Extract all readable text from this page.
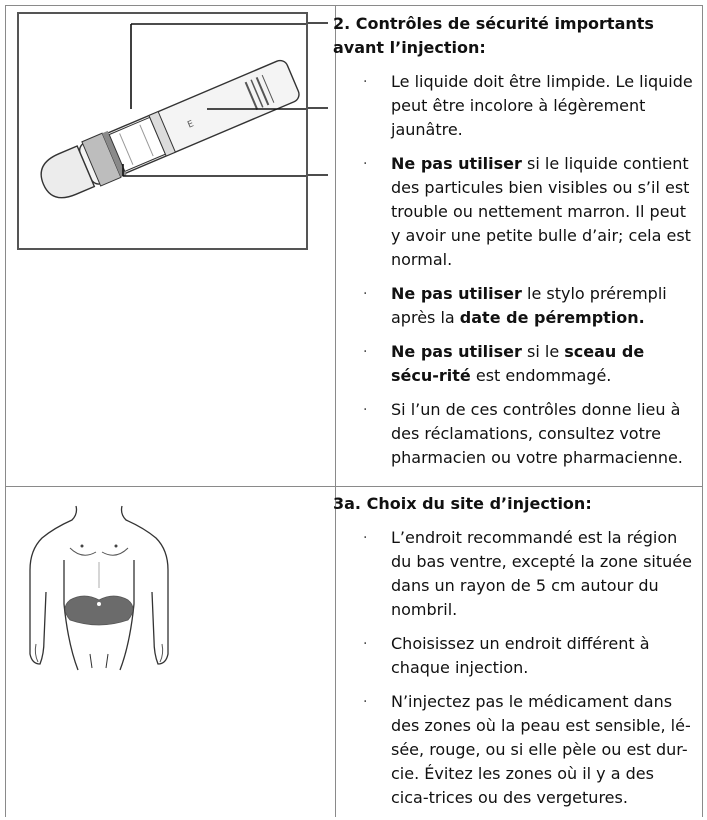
E
2. Contrôles de sécurité importants avant l’injection:
· Le liquide doit être limpide. Le liquide peut être incolore à légèrement jaunâtre.
· Ne pas utiliser si le liquide contient des particules bien visibles ou s’il est trouble ou nettement marron. Il peut y avoir une petite bulle d’air; cela est normal.
· Ne pas utiliser le stylo prérempli après la date de péremption.
· Ne pas utiliser si le sceau de sécu-rité est endommagé.
· Si l’un de ces contrôles donne lieu à des réclamations, consultez votre pharmacien ou votre pharmacienne.
3a. Choix du site d’injection:
· L’endroit recommandé est la région du bas ventre, excepté la zone située dans un rayon de 5 cm autour du nombril.
· Choisissez un endroit différent à chaque injection.
· N’injectez pas le médicament dans des zones où la peau est sensible, lé-sée, rouge, ou si elle pèle ou est dur-cie. Évitez les zones où il y a des cica-trices ou des vergetures.
